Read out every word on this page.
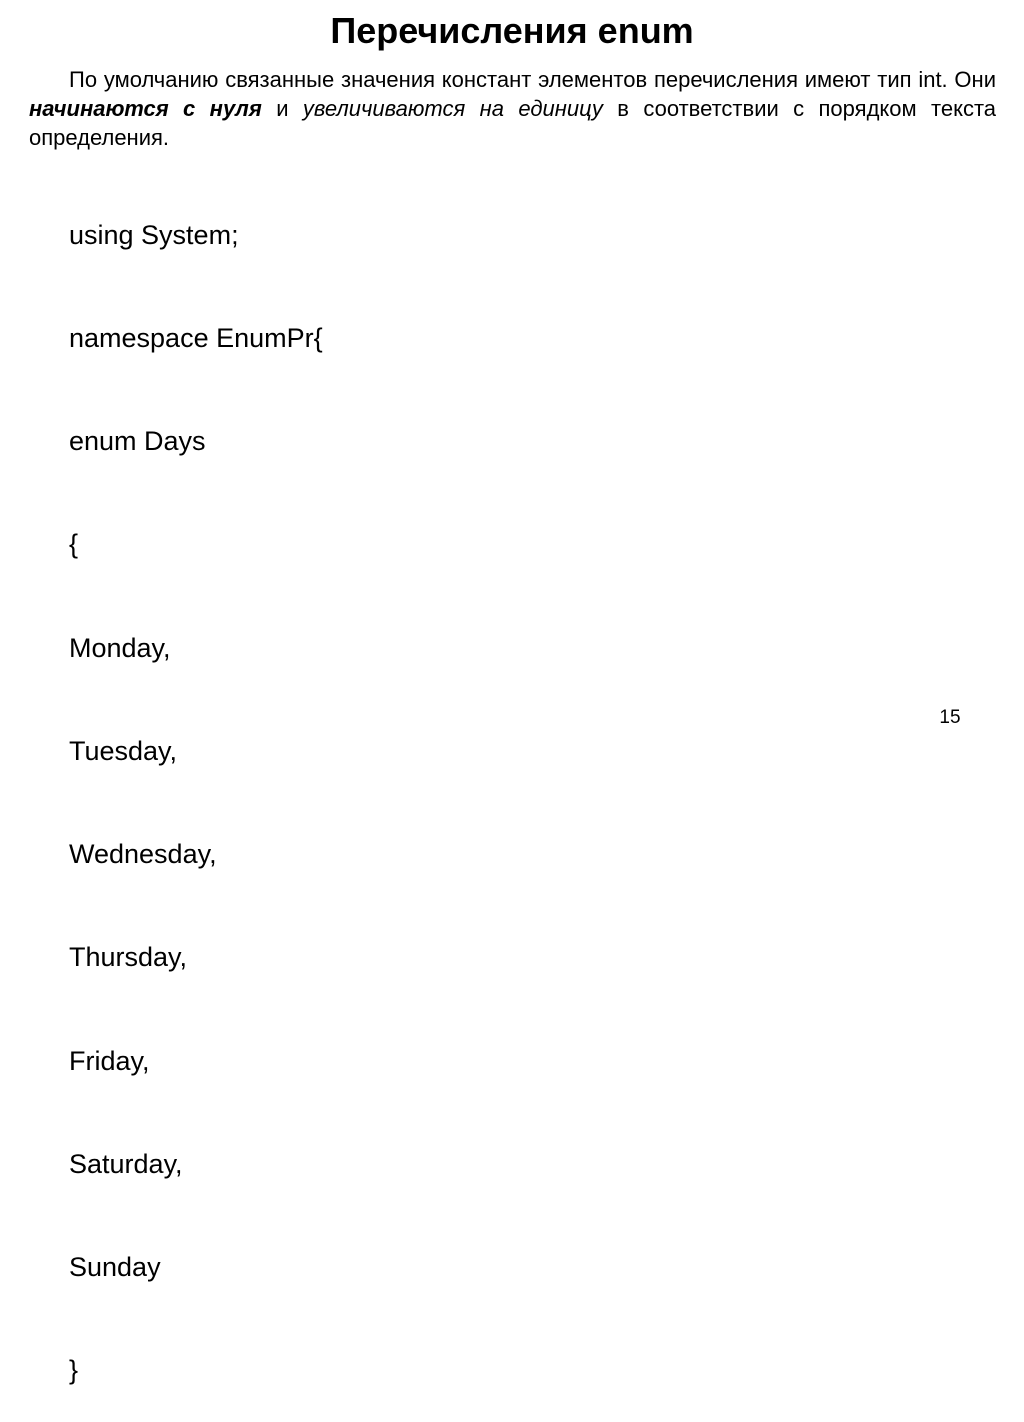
Перечисления enum

По умолчанию связанные значения констант элементов перечисления имеют тип int. Они начинаются с нуля и увеличиваются на единицу в соответствии с порядком текста определения.

using System;

namespace EnumPr{

enum Days

{

Monday,

Tuesday,

Wednesday,

Thursday,

Friday,

Saturday,

Sunday

}

15
